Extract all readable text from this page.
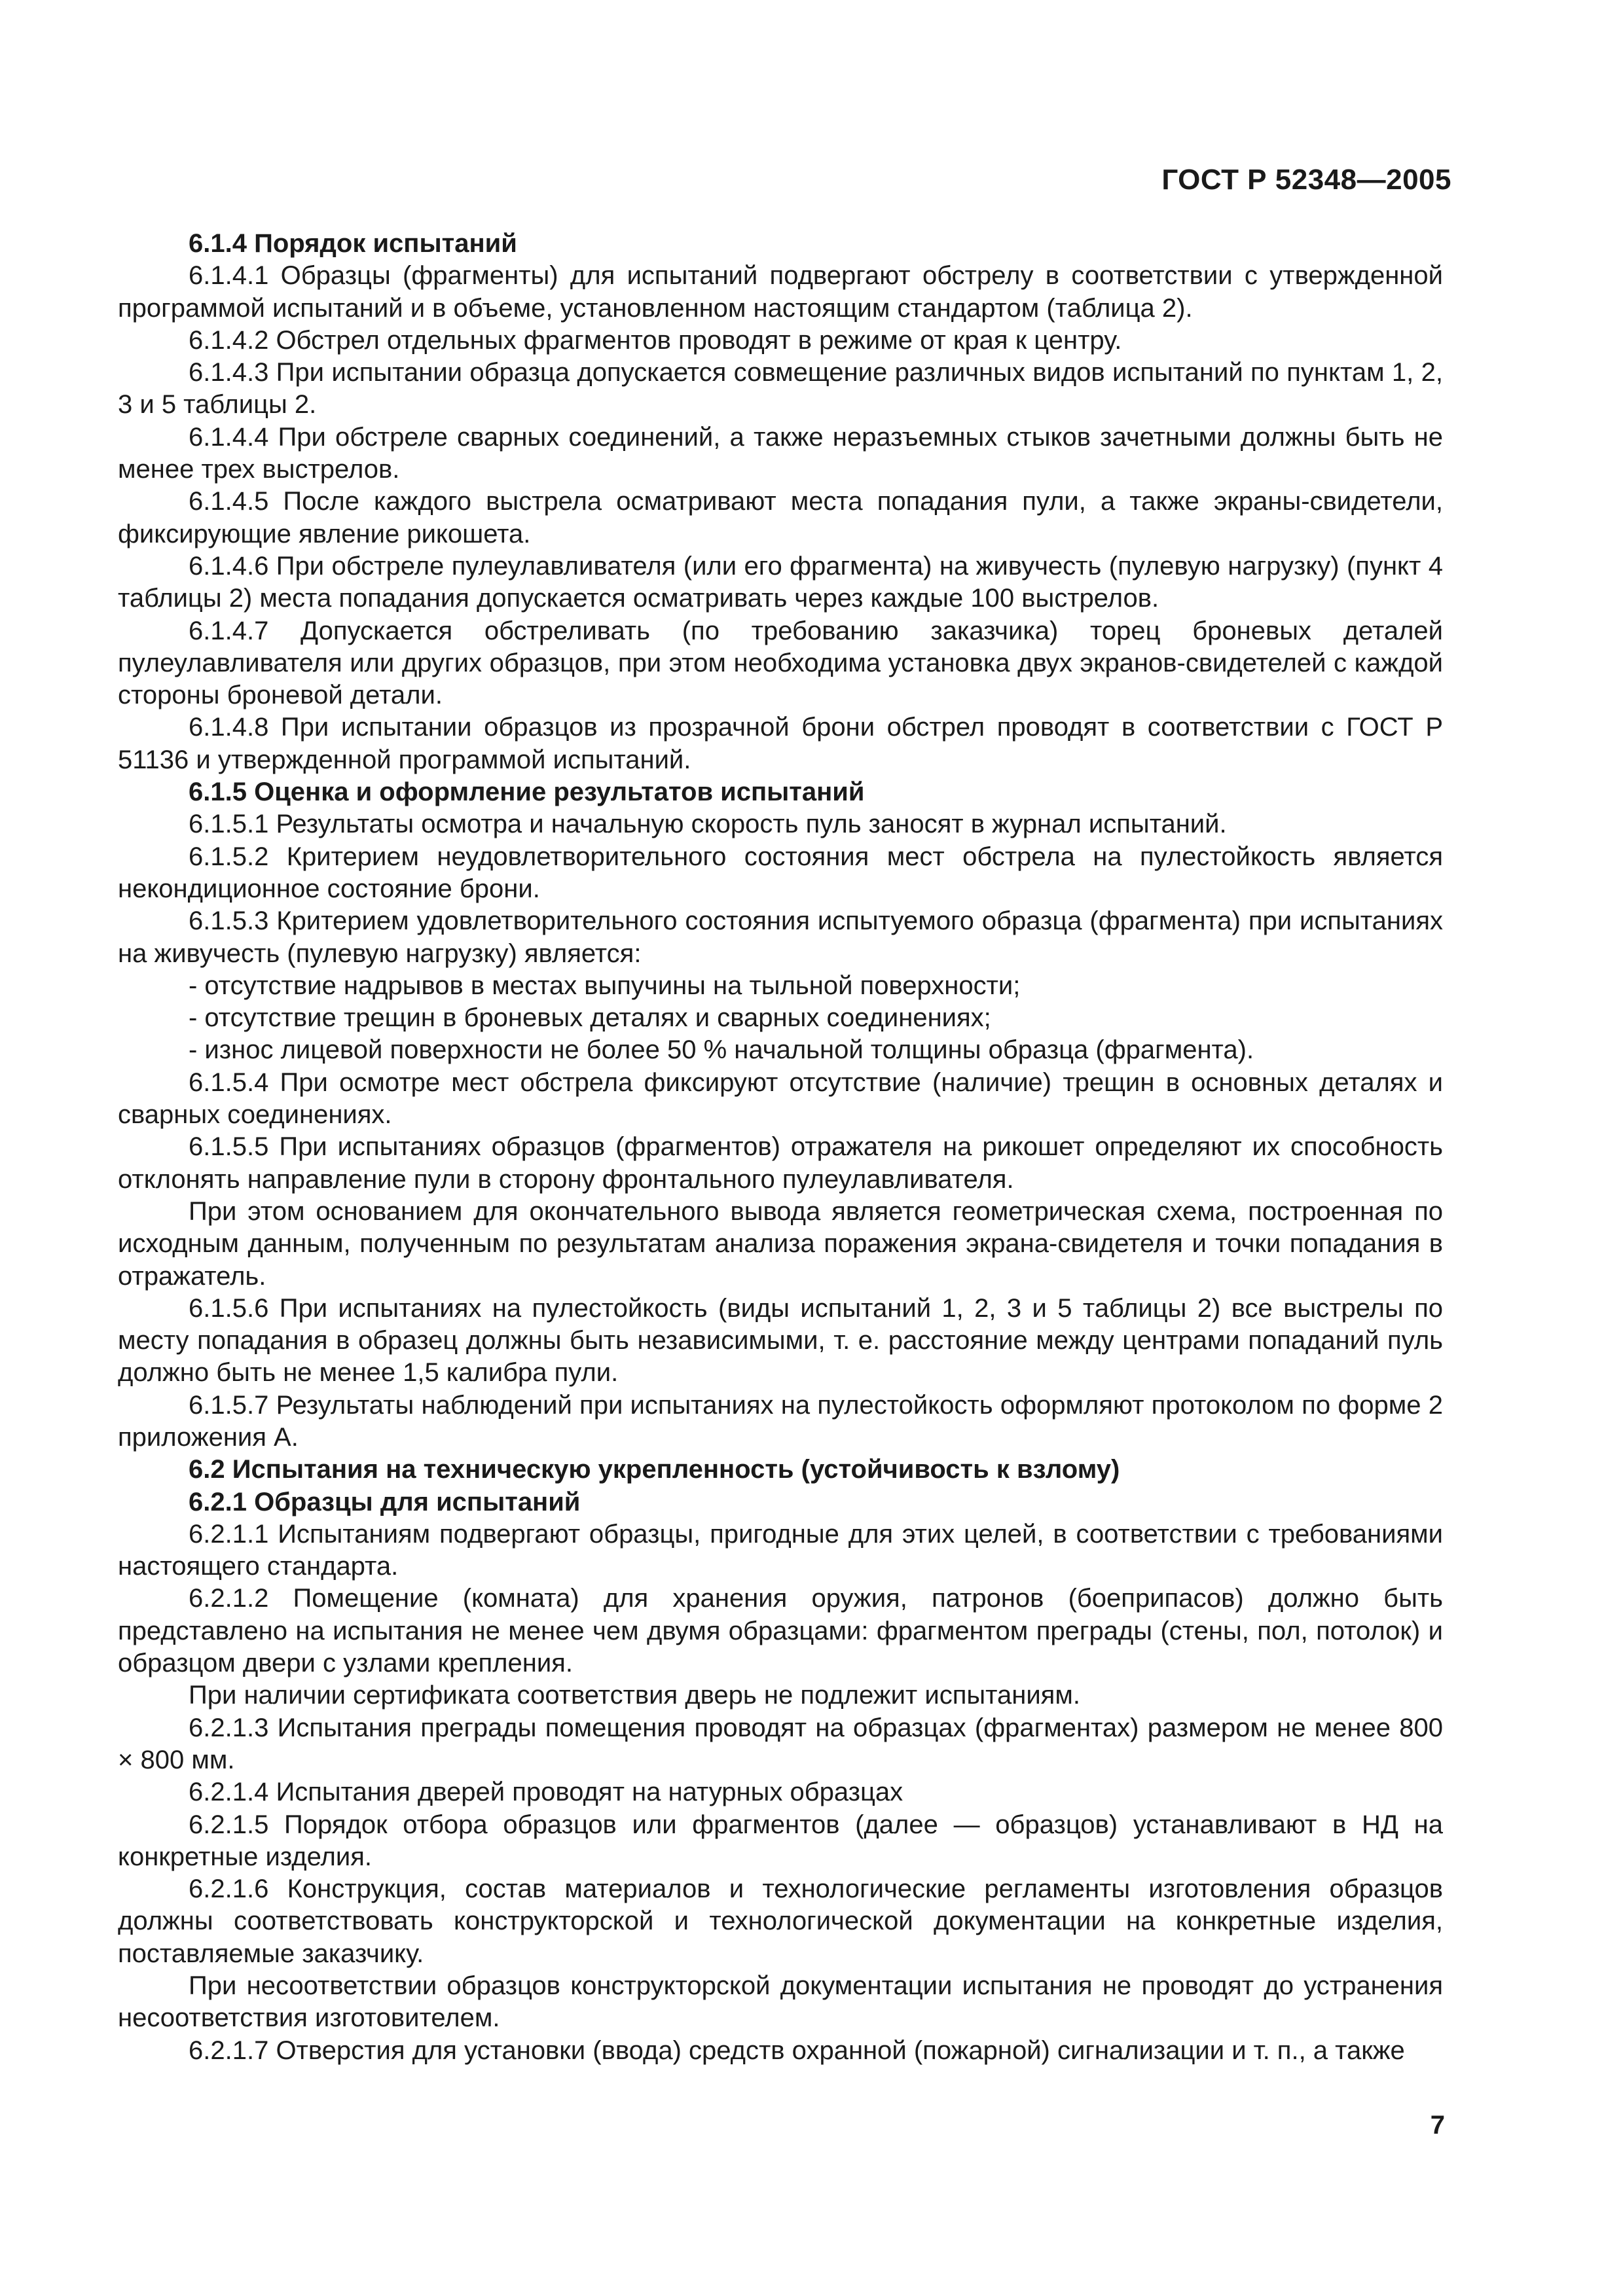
ГОСТ Р 52348—2005

6.1.4 Порядок испытаний

6.1.4.1 Образцы (фрагменты) для испытаний подвергают обстрелу в соответствии с утвержденной программой испытаний и в объеме, установленном настоящим стандартом (таблица 2).

6.1.4.2 Обстрел отдельных фрагментов проводят в режиме от края к центру.

6.1.4.3 При испытании образца допускается совмещение различных видов испытаний по пунктам 1, 2, 3 и 5 таблицы 2.

6.1.4.4 При обстреле сварных соединений, а также неразъемных стыков зачетными должны быть не менее трех выстрелов.

6.1.4.5 После каждого выстрела осматривают места попадания пули, а также экраны-свидетели, фиксирующие явление рикошета.

6.1.4.6 При обстреле пулеулавливателя (или его фрагмента) на живучесть (пулевую нагрузку) (пункт 4 таблицы 2) места попадания допускается осматривать через каждые 100 выстрелов.

6.1.4.7 Допускается обстреливать (по требованию заказчика) торец броневых деталей пулеулавливателя или других образцов, при этом необходима установка двух экранов-свидетелей с каждой стороны броневой детали.

6.1.4.8 При испытании образцов из прозрачной брони обстрел проводят в соответствии с ГОСТ Р 51136 и утвержденной программой испытаний.

6.1.5 Оценка и оформление результатов испытаний

6.1.5.1 Результаты осмотра и начальную скорость пуль заносят в журнал испытаний.

6.1.5.2 Критерием неудовлетворительного состояния мест обстрела на пулестойкость является некондиционное состояние брони.

6.1.5.3 Критерием удовлетворительного состояния испытуемого образца (фрагмента) при испытаниях на живучесть (пулевую нагрузку) является:

- отсутствие надрывов в местах выпучины на тыльной поверхности;

- отсутствие трещин в броневых деталях и сварных соединениях;

- износ лицевой поверхности не более 50 % начальной толщины образца (фрагмента).

6.1.5.4 При осмотре мест обстрела фиксируют отсутствие (наличие) трещин в основных деталях и сварных соединениях.

6.1.5.5 При испытаниях образцов (фрагментов) отражателя на рикошет определяют их способность отклонять направление пули в сторону фронтального пулеулавливателя.

При этом основанием для окончательного вывода является геометрическая схема, построенная по исходным данным, полученным по результатам анализа поражения экрана-свидетеля и точки попадания в отражатель.

6.1.5.6 При испытаниях на пулестойкость (виды испытаний 1, 2, 3 и 5 таблицы 2) все выстрелы по месту попадания в образец должны быть независимыми, т. е. расстояние между центрами попаданий пуль должно быть не менее 1,5 калибра пули.

6.1.5.7 Результаты наблюдений при испытаниях на пулестойкость оформляют протоколом по форме 2 приложения А.

6.2 Испытания на техническую укрепленность (устойчивость к взлому)

6.2.1 Образцы для испытаний

6.2.1.1 Испытаниям подвергают образцы, пригодные для этих целей, в соответствии с требованиями настоящего стандарта.

6.2.1.2 Помещение (комната) для хранения оружия, патронов (боеприпасов) должно быть представлено на испытания не менее чем двумя образцами: фрагментом преграды (стены, пол, потолок) и образцом двери с узлами крепления.

При наличии сертификата соответствия дверь не подлежит испытаниям.

6.2.1.3 Испытания преграды помещения проводят на образцах (фрагментах) размером не менее 800 × 800 мм.

6.2.1.4 Испытания дверей проводят на натурных образцах

6.2.1.5 Порядок отбора образцов или фрагментов (далее — образцов) устанавливают в НД на конкретные изделия.

6.2.1.6 Конструкция, состав материалов и технологические регламенты изготовления образцов должны соответствовать конструкторской и технологической документации на конкретные изделия, поставляемые заказчику.

При несоответствии образцов конструкторской документации испытания не проводят до устранения несоответствия изготовителем.

6.2.1.7 Отверстия для установки (ввода) средств охранной (пожарной) сигнализации и т. п., а также

7
